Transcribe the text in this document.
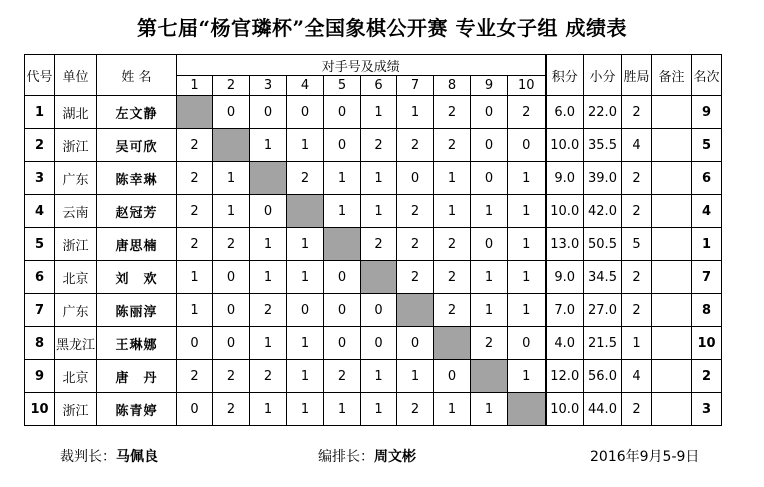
第七届“杨官璘杯”全国象棋公开赛 专业女子组 成绩表
代号	单位	姓 名	对手号及成绩										积分	小分	胜局	备注	名次
			1	2	3	4	5	6	7	8	9	10					
1	湖北	左文静		0	0	0	0	1	1	2	0	2	6.0	22.0	2		9
2	浙江	吴可欣	2		1	1	0	2	2	2	0	0	10.0	35.5	4		5
3	广东	陈幸琳	2	1		2	1	1	0	1	0	1	9.0	39.0	2		6
4	云南	赵冠芳	2	1	0		1	1	2	1	1	1	10.0	42.0	2		4
5	浙江	唐思楠	2	2	1	1		2	2	2	0	1	13.0	50.5	5		1
6	北京	刘　欢	1	0	1	1	0		2	2	1	1	9.0	34.5	2		7
7	广东	陈丽淳	1	0	2	0	0	0		2	1	1	7.0	27.0	2		8
8	黑龙江	王琳娜	0	0	1	1	0	0	0		2	0	4.0	21.5	1		10
9	北京	唐　丹	2	2	2	1	2	1	1	0		1	12.0	56.0	4		2
10	浙江	陈青婷	0	2	1	1	1	1	2	1	1		10.0	44.0	2		3
裁判长：马佩良	编排长：周文彬	2016年9月5-9日
